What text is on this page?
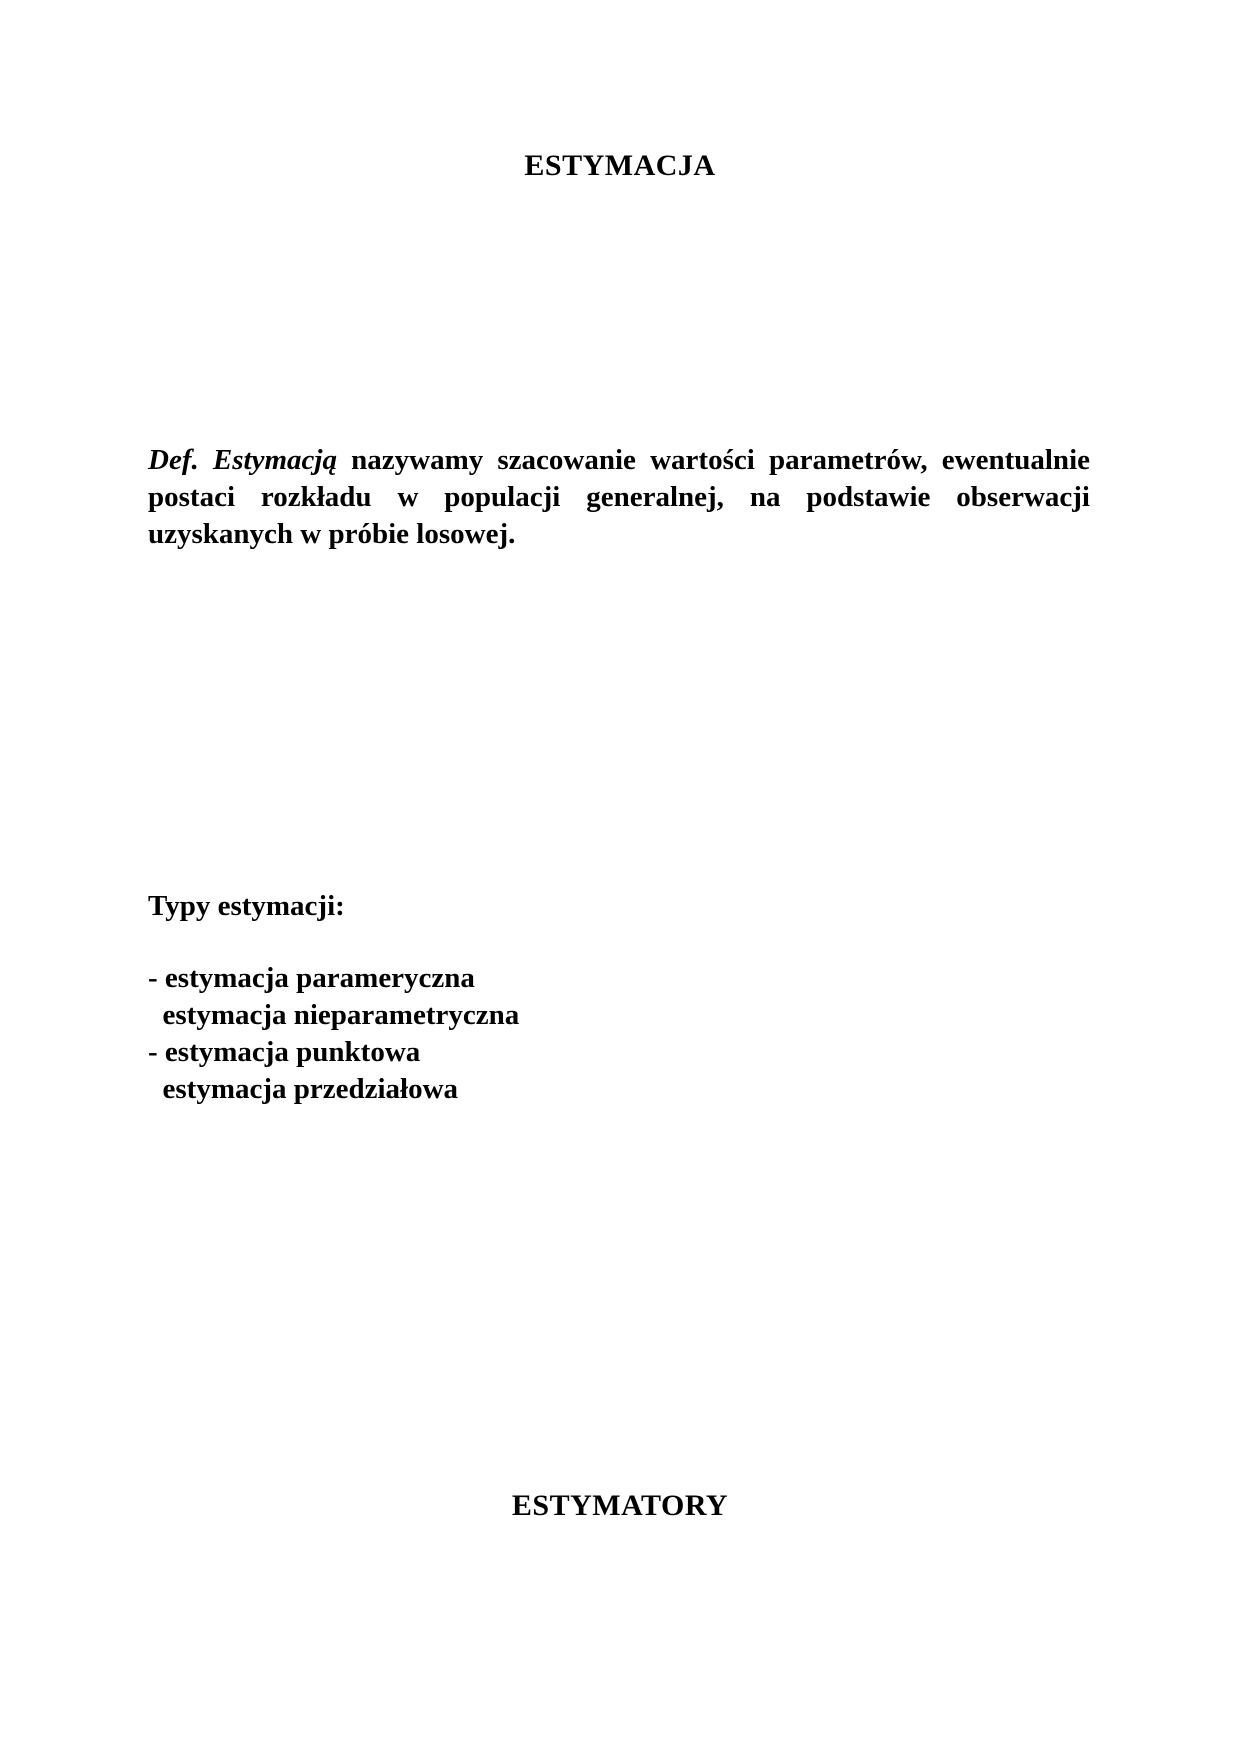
ESTYMACJA

Def. Estymacją nazywamy szacowanie wartości parametrów, ewentualnie postaci rozkładu w populacji generalnej, na podstawie obserwacji uzyskanych w próbie losowej.

Typy estymacji:
- estymacja parameryczna
estymacja nieparametryczna
- estymacja punktowa
estymacja przedziałowa
ESTYMATORY
